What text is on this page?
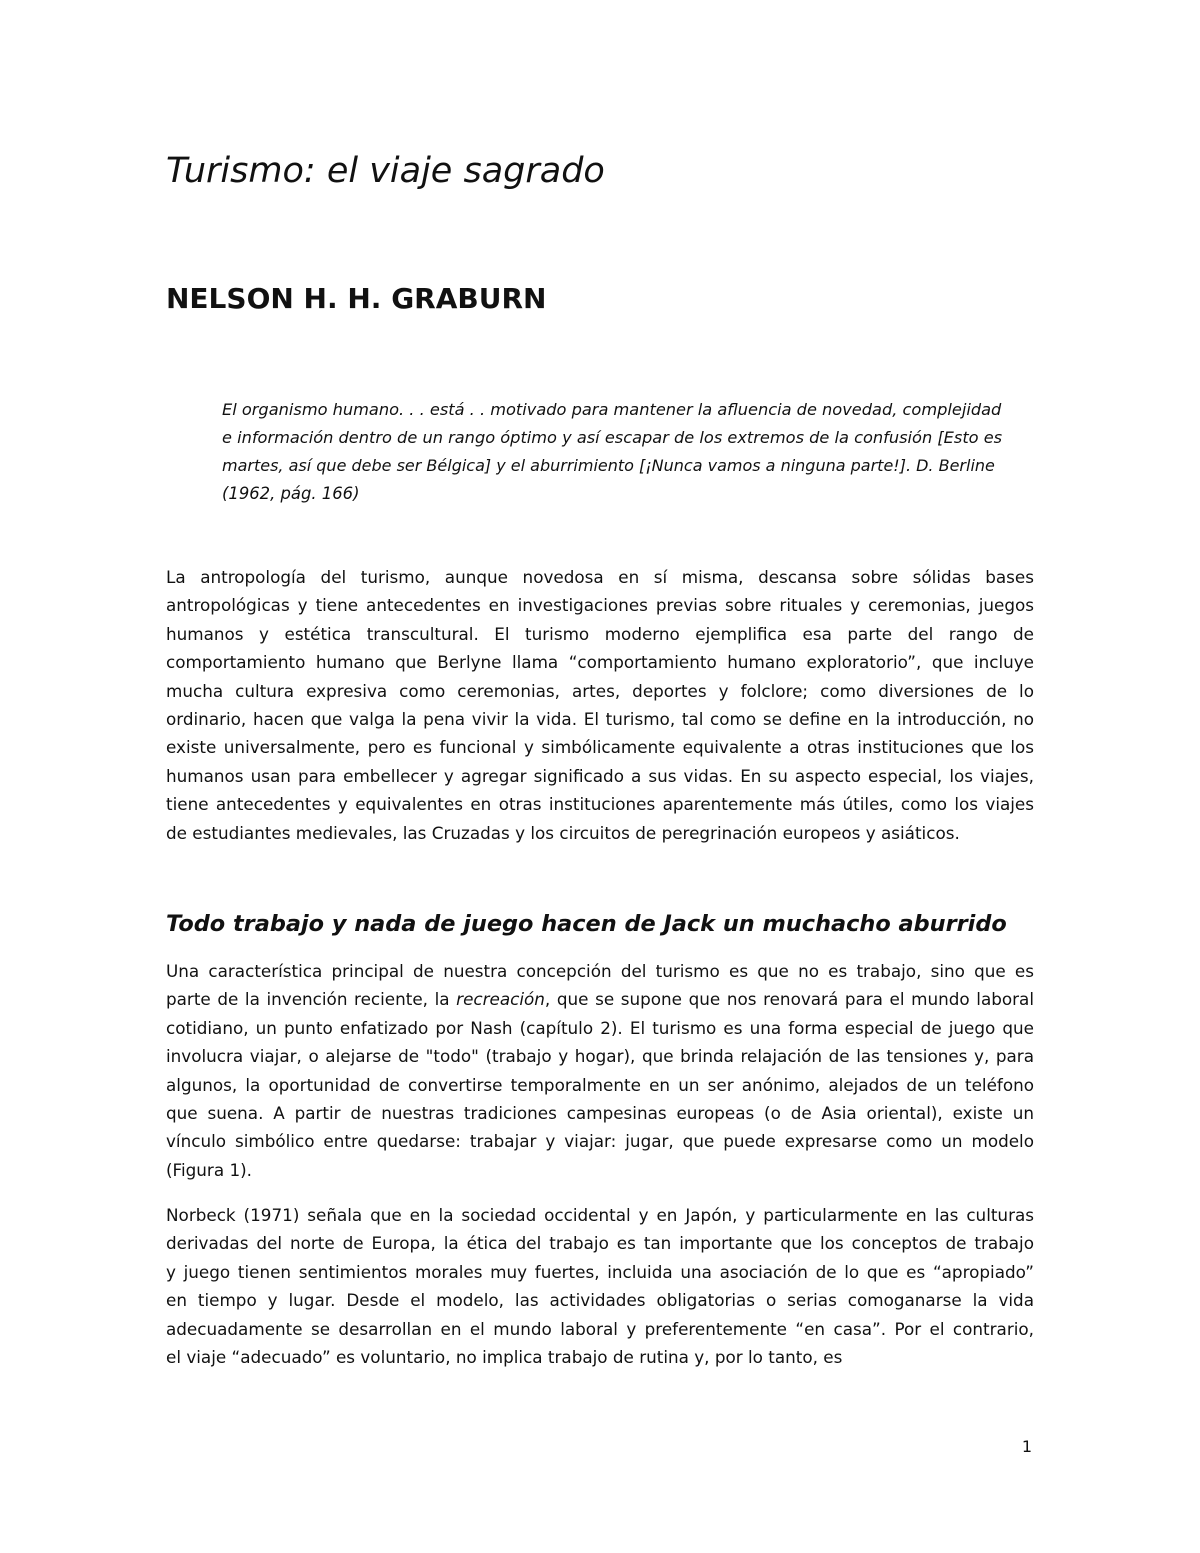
Turismo: el viaje sagrado
NELSON H. H. GRABURN
El organismo humano. . . está . . motivado para mantener la afluencia de novedad, complejidad
e información dentro de un rango óptimo y así escapar de los extremos de la confusión [Esto es
martes, así que debe ser Bélgica] y el aburrimiento [¡Nunca vamos a ninguna parte!]. D. Berline
(1962, pág. 166)

La antropología del turismo, aunque novedosa en sí misma, descansa sobre sólidas bases
antropológicas y tiene antecedentes en investigaciones previas sobre rituales y ceremonias, juegos
humanos y estética transcultural. El turismo moderno ejemplifica esa parte del rango de
comportamiento humano que Berlyne llama “comportamiento humano exploratorio”, que incluye
mucha cultura expresiva como ceremonias, artes, deportes y folclore; como diversiones de lo
ordinario, hacen que valga la pena vivir la vida. El turismo, tal como se define en la introducción, no
existe universalmente, pero es funcional y simbólicamente equivalente a otras instituciones que los
humanos usan para embellecer y agregar significado a sus vidas. En su aspecto especial, los viajes,
tiene antecedentes y equivalentes en otras instituciones aparentemente más útiles, como los viajes
de estudiantes medievales, las Cruzadas y los circuitos de peregrinación europeos y asiáticos.

Todo trabajo y nada de juego hacen de Jack un muchacho aburrido

Una característica principal de nuestra concepción del turismo es que no es trabajo, sino que es
parte de la invención reciente, la recreación, que se supone que nos renovará para el mundo laboral
cotidiano, un punto enfatizado por Nash (capítulo 2). El turismo es una forma especial de juego que
involucra viajar, o alejarse de "todo" (trabajo y hogar), que brinda relajación de las tensiones y, para
algunos, la oportunidad de convertirse temporalmente en un ser anónimo, alejados de un teléfono
que suena. A partir de nuestras tradiciones campesinas europeas (o de Asia oriental), existe un
vínculo simbólico entre quedarse: trabajar y viajar: jugar, que puede expresarse como un modelo
(Figura 1).

Norbeck (1971) señala que en la sociedad occidental y en Japón, y particularmente en las culturas
derivadas del norte de Europa, la ética del trabajo es tan importante que los conceptos de trabajo
y juego tienen sentimientos morales muy fuertes, incluida una asociación de lo que es “apropiado”
en tiempo y lugar. Desde el modelo, las actividades obligatorias o serias comoganarse la vida
adecuadamente se desarrollan en el mundo laboral y preferentemente “en casa”. Por el contrario,
el viaje “adecuado” es voluntario, no implica trabajo de rutina y, por lo tanto, es

1
